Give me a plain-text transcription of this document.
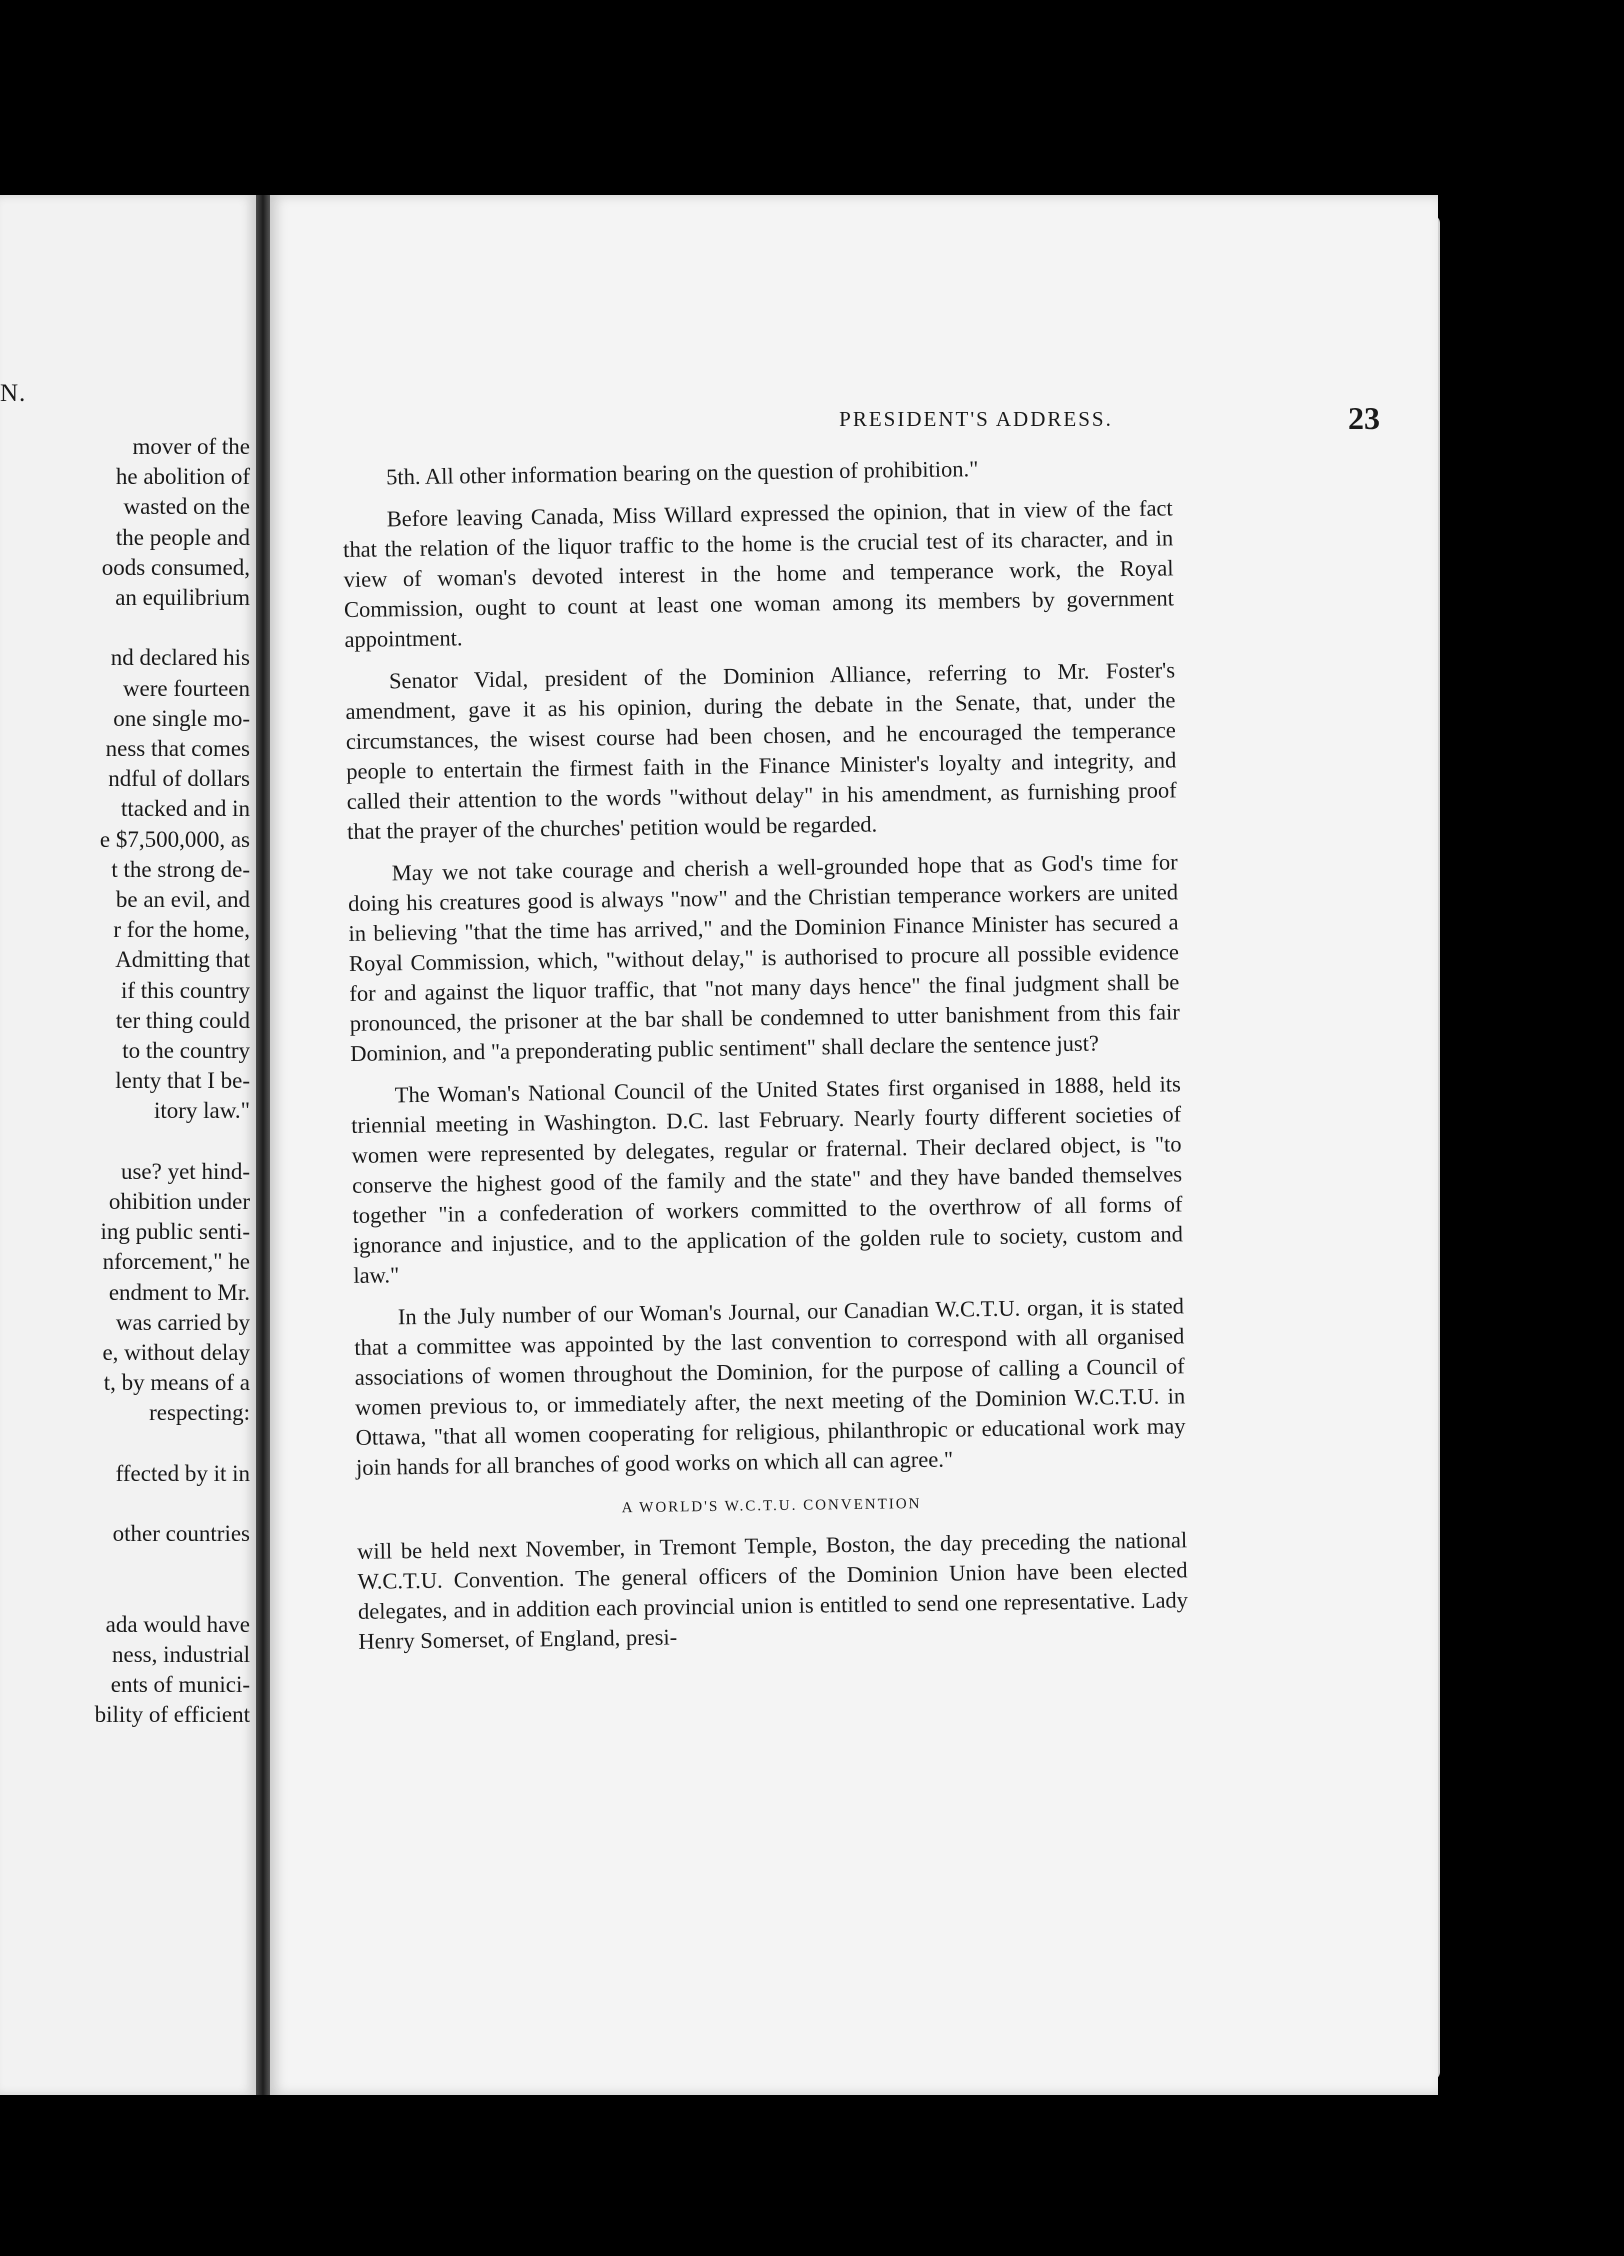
N.
mover of the
he abolition of
wasted on the
the people and
oods consumed,
an equilibrium
nd declared his
were fourteen
one single mo-
ness that comes
ndful of dollars
ttacked and in
e $7,500,000, as
t the strong de-
be an evil, and
r for the home,
Admitting that
if this country
ter thing could
to the country
lenty that I be-
itory law."
use? yet hind-
ohibition under
ing public senti-
nforcement," he
endment to Mr.
was carried by
e, without delay
t, by means of a
respecting:
ffected by it in
other countries
ada would have
ness, industrial
ents of munici-
bility of efficient
PRESIDENT'S ADDRESS.	23

5th. All other information bearing on the question of prohibition."

Before leaving Canada, Miss Willard expressed the opinion, that in view of the fact that the relation of the liquor traffic to the home is the crucial test of its character, and in view of woman's devoted interest in the home and temperance work, the Royal Commission, ought to count at least one woman among its members by government appointment.

Senator Vidal, president of the Dominion Alliance, referring to Mr. Foster's amendment, gave it as his opinion, during the debate in the Senate, that, under the circumstances, the wisest course had been chosen, and he encouraged the temperance people to entertain the firmest faith in the Finance Minister's loyalty and integrity, and called their attention to the words "without delay" in his amendment, as furnishing proof that the prayer of the churches' petition would be regarded.

May we not take courage and cherish a well-grounded hope that as God's time for doing his creatures good is always "now" and the Christian temperance workers are united in believing "that the time has arrived," and the Dominion Finance Minister has secured a Royal Commission, which, "without delay," is authorised to procure all possible evidence for and against the liquor traffic, that "not many days hence" the final judgment shall be pronounced, the prisoner at the bar shall be condemned to utter banishment from this fair Dominion, and "a preponderating public sentiment" shall declare the sentence just?

The Woman's National Council of the United States first organised in 1888, held its triennial meeting in Washington. D.C. last February. Nearly fourty different societies of women were represented by delegates, regular or fraternal. Their declared object, is "to conserve the highest good of the family and the state" and they have banded themselves together "in a confederation of workers committed to the overthrow of all forms of ignorance and injustice, and to the application of the golden rule to society, custom and law."

In the July number of our Woman's Journal, our Canadian W.C.T.U. organ, it is stated that a committee was appointed by the last convention to correspond with all organised associations of women throughout the Dominion, for the purpose of calling a Council of women previous to, or immediately after, the next meeting of the Dominion W.C.T.U. in Ottawa, "that all women cooperating for religious, philanthropic or educational work may join hands for all branches of good works on which all can agree."

A WORLD'S W.C.T.U. CONVENTION

will be held next November, in Tremont Temple, Boston, the day preceding the national W.C.T.U. Convention. The general officers of the Dominion Union have been elected delegates, and in addition each provincial union is entitled to send one representative. Lady Henry Somerset, of England, presi-
